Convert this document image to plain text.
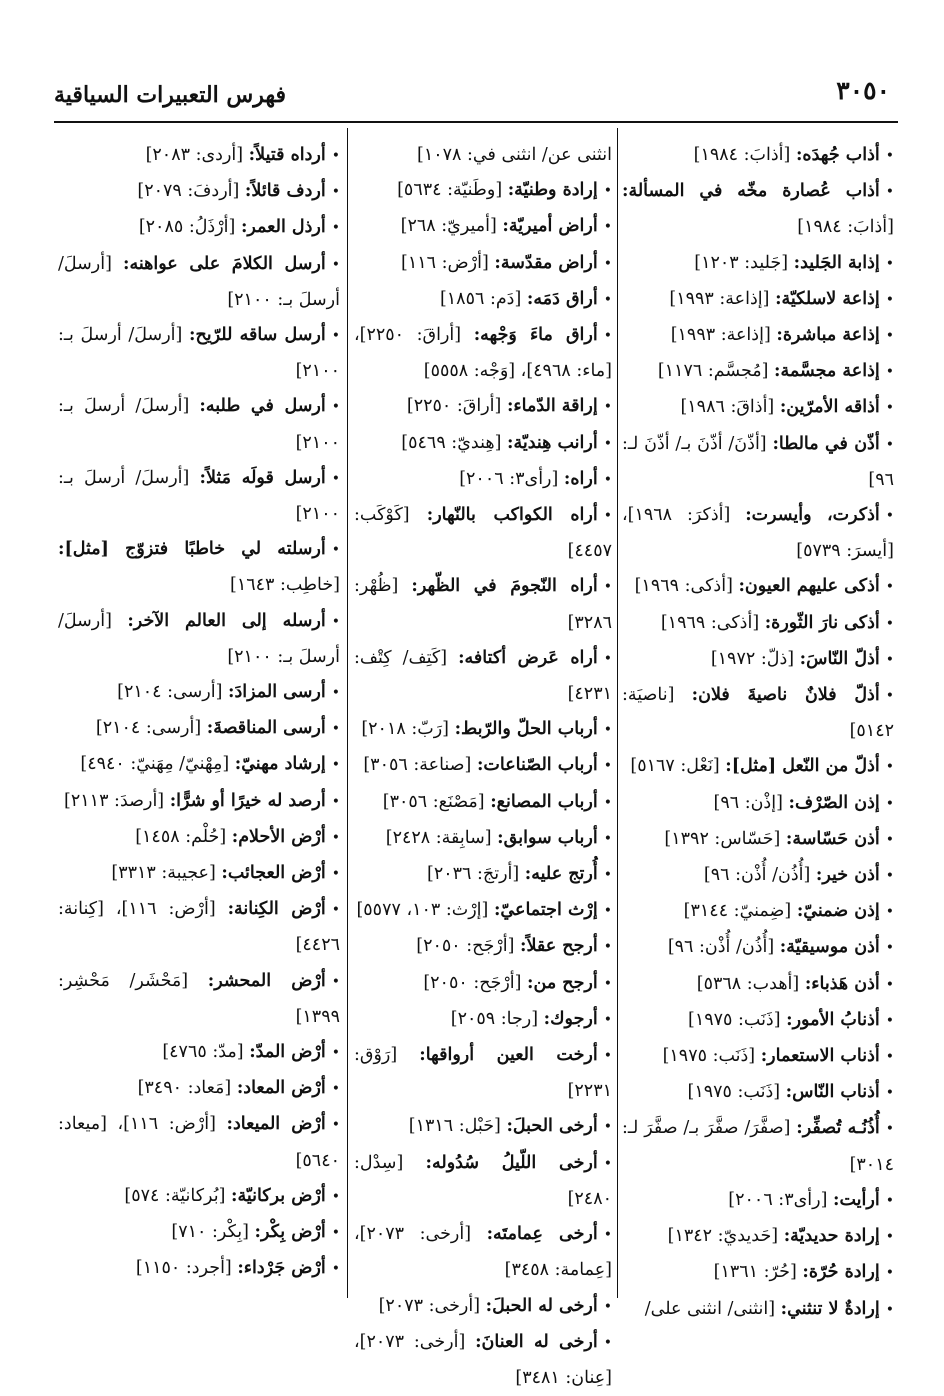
٣٠٥٠
فهرس التعبيرات السياقية

•أذاب جُهدَه: [أذابَ: ١٩٨٤]

•أذاب عُصارة مخّه في المسألة: [أذابَ: ١٩٨٤]

•إذابة الجَليد: [جَليد: ١٢٠٣]

•إذاعة لاسلكيّة: [إذاعة: ١٩٩٣]

•إذاعة مباشرة: [إذاعة: ١٩٩٣]

•إذاعة مجسَّمة: [مُجسَّم: ١١٧٦]

•أذاقه الأمرّين: [أذاقَ: ١٩٨٦]

•أذّن في مالطا: [أذّنَ/ أذّنَ بـ/ أذّنَ لـ: ٩٦]

•أذكرت، وأيسرت: [أذكرَ: ١٩٦٨]، [أيسرَ: ٥٧٣٩]

•أذكى عليهم العيون: [أذكى: ١٩٦٩]

•أذكى نارَ الثّورة: [أذكى: ١٩٦٩]

•أذلّ النّاسَ: [ذلّ: ١٩٧٢]

•أذلّ فلانٌ ناصيةَ فلان: [ناصيَة: ٥١٤٢]

•أذلّ من النّعل [مثل]: [نَعْل: ٥١٦٧]

•إذن الصّرْف: [إذْن: ٩٦]

•أذن حَسّاسة: [حَسّاس: ١٣٩٢]

•أذن خير: [أُذُن/ أُذْن: ٩٦]

•إذن ضمنيّ: [ضِمنيّ: ٣١٤٤]

•أذن موسيقيّة: [أُذُن/ أُذْن: ٩٦]

•أذن هَذباء: [أهدب: ٥٣٦٨]

•أذنابُ الأمور: [ذَنَب: ١٩٧٥]

•أذناب الاستعمار: [ذَنَب: ١٩٧٥]

•أذناب النّاس: [ذَنَب: ١٩٧٥]

•أُذُنُـه تُصفِّر: [صفَّرَ/ صفَّرَ بـ/ صفَّرَ لـ: ٣٠١٤]

•أرأيت: [رأى٣: ٢٠٠٦]

•إرادة حديديّة: [حَديديّ: ١٣٤٢]

•إرادة حُرّة: [حُرّ: ١٣٦١]

•إرادةٌ لا تنثني: [انثنى/ انثنى على/

انثنى عن/ انثنى في: ١٠٧٨]

•إرادة وطنيّة: [وطَنيّة: ٥٦٣٤]

•أراض أميريّة: [أميريّ: ٢٦٨]

•أراض مقدّسة: [أرْض: ١١٦]

•أراق دَمَه: [دَم: ١٨٥٦]

•أراق ماءَ وَجْهه: [أراقَ: ٢٢٥٠]، [ماء: ٤٩٦٨]، [وَجْه: ٥٥٥٨]

•إراقة الدّماء: [أراقَ: ٢٢٥٠]

•أرانب هِنديّة: [هِنديّ: ٥٤٦٩]

•أراه: [رأى٣: ٢٠٠٦]

•أراه الكواكب بالنّهار: [كَوْكَب: ٤٤٥٧]

•أراه النّجومَ في الظّهر: [ظُهْر: ٣٢٨٦]

•أراه عَرض أكتافه: [كَتِف/ كِتْف: ٤٢٣١]

•أرباب الحلّ والرّبط: [رَبّ: ٢٠١٨]

•أرباب الصّناعات: [صناعة: ٣٠٥٦]

•أرباب المصانع: [مَصْنَع: ٣٠٥٦]

•أرباب سوابق: [سابِقة: ٢٤٢٨]

•أُرتج عليه: [أرتجَ: ٢٠٣٦]

•إرْث اجتماعيّ: [إرْث: ١٠٣، ٥٥٧٧]

•أرجح عقلاً: [أرْجَح: ٢٠٥٠]

•أرجح من: [أرْجَح: ٢٠٥٠]

•أرجوك: [رجا: ٢٠٥٩]

•أرخت العين أرواقها: [رَوْق: ٢٢٣١]

•أرخى الحبلَ: [حَبْل: ١٣١٦]

•أرخى اللّيلُ سُدُوله: [سِدْل: ٢٤٨٠]

•أرخى عِمامتَه: [أرخى: ٢٠٧٣]، [عِمامة: ٣٤٥٨]

•أرخى له الحبلَ: [أرخى: ٢٠٧٣]

•أرخى له العنانَ: [أرخى: ٢٠٧٣]، [عِنان: ٣٤٨١]

•أرداه قتيلاً: [أردى: ٢٠٨٣]

•أردف قائلاً: [أردفَ: ٢٠٧٩]

•أرذل العمر: [أرْذَلُ: ٢٠٨٥]

•أرسل الكلامَ على عواهنه: [أرسلَ/ أرسلَ بـ: ٢١٠٠]

•أرسل ساقه للرّيح: [أرسلَ/ أرسلَ بـ: ٢١٠٠]

•أرسل في طلبه: [أرسلَ/ أرسلَ بـ: ٢١٠٠]

•أرسل قولَه مَثلاً: [أرسلَ/ أرسلَ بـ: ٢١٠٠]

•أرسلته لي خاطبًا فتزوّج [مثل]: [خاطِب: ١٦٤٣]

•أرسله إلى العالم الآخر: [أرسلَ/ أرسلَ بـ: ٢١٠٠]

•أرسى المزادَ: [أرسى: ٢١٠٤]

•أرسى المناقصةَ: [أرسى: ٢١٠٤]

•إرشاد مهنيّ: [مِهْنيّ/ مِهَنيّ: ٤٩٤٠]

•أرصد له خيرًا أو شرًّا: [أرصدَ: ٢١١٣]

•أرْض الأحلام: [حُلْم: ١٤٥٨]

•أرْض العجائب: [عجيبة: ٣٣١٣]

•أرْض الكِنانة: [أرْض: ١١٦]، [كِنانة: ٤٤٢٦]

•أرْض المحشر: [مَحْشَر/ مَحْشِر: ١٣٩٩]

•أرْض المدّ: [مدّ: ٤٧٦٥]

•أرْض المعاد: [مَعاد: ٣٤٩٠]

•أرْض الميعاد: [أرْض: ١١٦]، [ميعاد: ٥٦٤٠]

•أرْض بركانيّة: [بُركانيّة: ٥٧٤]

•أرْض بِكْر: [بِكْر: ٧١٠]

•أرْض جَرْداء: [أجرد: ١١٥٠]
